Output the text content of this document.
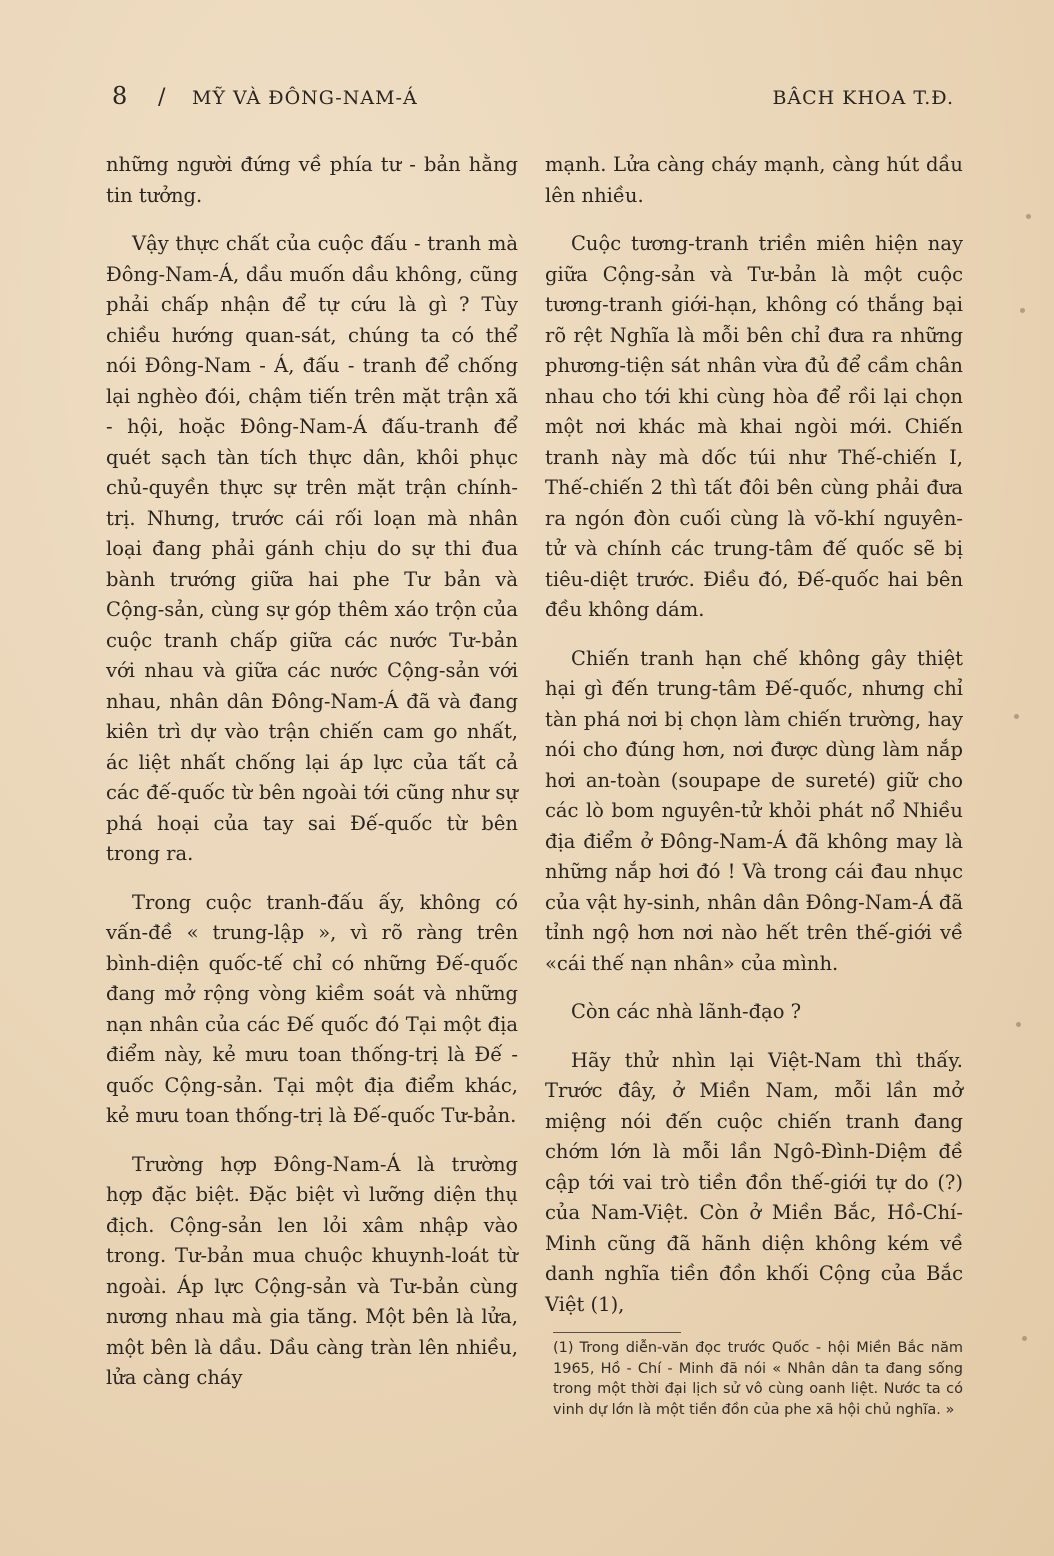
8	/	MỸ VÀ ĐÔNG-NAM-Á	BÂCH KHOA T.Đ.

những người đứng về phía tư - bản hằng tin tưởng.

Vậy thực chất của cuộc đấu - tranh mà Đông-Nam-Á, dầu muốn dầu không, cũng phải chấp nhận để tự cứu là gì ? Tùy chiều hướng quan-sát, chúng ta có thể nói Đông-Nam - Á, đấu - tranh để chống lại nghèo đói, chậm tiến trên mặt trận xã - hội, hoặc Đông-Nam-Á đấu-tranh để quét sạch tàn tích thực dân, khôi phục chủ-quyền thực sự trên mặt trận chính-trị. Nhưng, trước cái rối loạn mà nhân loại đang phải gánh chịu do sự thi đua bành trướng giữa hai phe Tư bản và Cộng-sản, cùng sự góp thêm xáo trộn của cuộc tranh chấp giữa các nước Tư-bản với nhau và giữa các nước Cộng-sản với nhau, nhân dân Đông-Nam-Á đã và đang kiên trì dự vào trận chiến cam go nhất, ác liệt nhất chống lại áp lực của tất cả các đế-quốc từ bên ngoài tới cũng như sự phá hoại của tay sai Đế-quốc từ bên trong ra.

Trong cuộc tranh-đấu ấy, không có vấn-đề « trung-lập », vì rõ ràng trên bình-diện quốc-tế chỉ có những Đế-quốc đang mở rộng vòng kiềm soát và những nạn nhân của các Đế quốc đó Tại một địa điểm này, kẻ mưu toan thống-trị là Đế - quốc Cộng-sản. Tại một địa điểm khác, kẻ mưu toan thống-trị là Đế-quốc Tư-bản.

Trường hợp Đông-Nam-Á là trường hợp đặc biệt. Đặc biệt vì lưỡng diện thụ địch. Cộng-sản len lỏi xâm nhập vào trong. Tư-bản mua chuộc khuynh-loát từ ngoài. Áp lực Cộng-sản và Tư-bản cùng nương nhau mà gia tăng. Một bên là lửa, một bên là dầu. Dầu càng tràn lên nhiều, lửa càng cháy

mạnh. Lửa càng cháy mạnh, càng hút dầu lên nhiều.

Cuộc tương-tranh triền miên hiện nay giữa Cộng-sản và Tư-bản là một cuộc tương-tranh giới-hạn, không có thắng bại rõ rệt Nghĩa là mỗi bên chỉ đưa ra những phương-tiện sát nhân vừa đủ để cầm chân nhau cho tới khi cùng hòa để rồi lại chọn một nơi khác mà khai ngòi mới. Chiến tranh này mà dốc túi như Thế-chiến I, Thế-chiến 2 thì tất đôi bên cùng phải đưa ra ngón đòn cuối cùng là võ-khí nguyên-tử và chính các trung-tâm đế quốc sẽ bị tiêu-diệt trước. Điều đó, Đế-quốc hai bên đều không dám.

Chiến tranh hạn chế không gây thiệt hại gì đến trung-tâm Đế-quốc, nhưng chỉ tàn phá nơi bị chọn làm chiến trường, hay nói cho đúng hơn, nơi được dùng làm nắp hơi an-toàn (soupape de sureté) giữ cho các lò bom nguyên-tử khỏi phát nổ Nhiều địa điểm ở Đông-Nam-Á đã không may là những nắp hơi đó ! Và trong cái đau nhục của vật hy-sinh, nhân dân Đông-Nam-Á đã tỉnh ngộ hơn nơi nào hết trên thế-giới về «cái thế nạn nhân» của mình.

Còn các nhà lãnh-đạo ?

Hãy thử nhìn lại Việt-Nam thì thấy. Trước đây, ở Miền Nam, mỗi lần mở miệng nói đến cuộc chiến tranh đang chớm lớn là mỗi lần Ngô-Đình-Diệm đề cập tới vai trò tiền đồn thế-giới tự do (?) của Nam-Việt. Còn ở Miền Bắc, Hồ-Chí-Minh cũng đã hãnh diện không kém về danh nghĩa tiền đồn khối Cộng của Bắc Việt (1),

(1) Trong diễn-văn đọc trước Quốc - hội Miền Bắc năm 1965, Hồ - Chí - Minh đã nói « Nhân dân ta đang sống trong một thời đại lịch sử vô cùng oanh liệt. Nước ta có vinh dự lớn là một tiền đồn của phe xã hội chủ nghĩa. »
